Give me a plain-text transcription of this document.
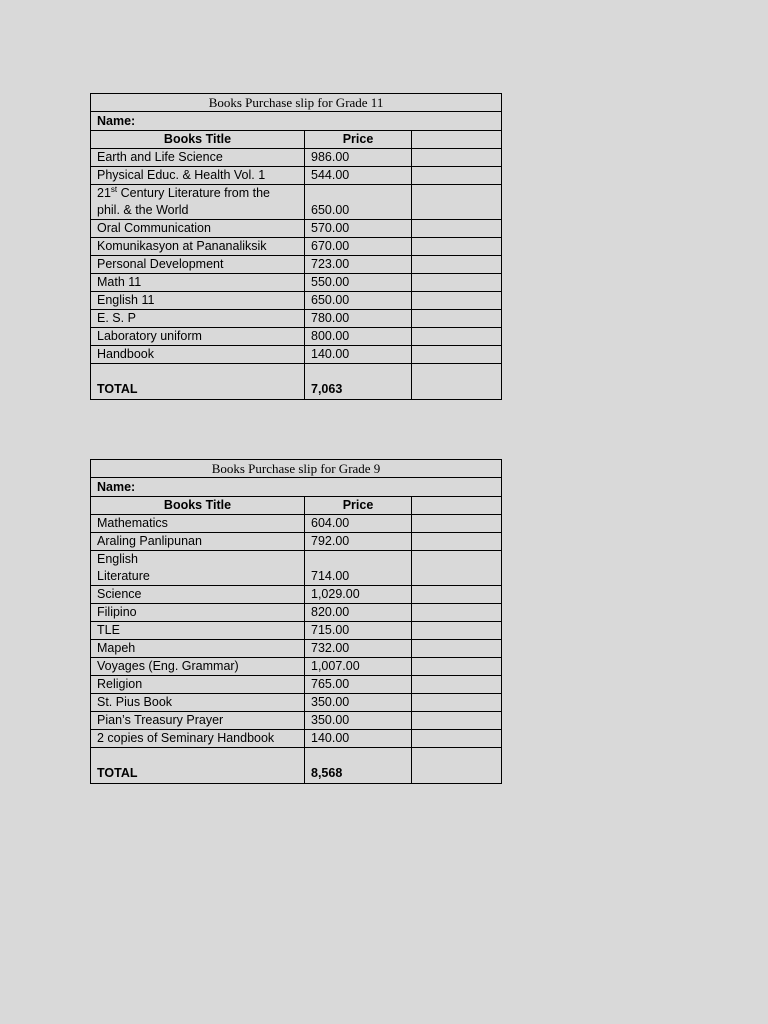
Books Purchase slip for Grade 11		
Name:		
Books Title	Price	
Earth and Life Science	986.00	
Physical Educ. & Health Vol. 1	544.00	

21st Century Literature from the
phil. & the World	650.00	
Oral Communication	570.00	
Komunikasyon at Pananaliksik	670.00	
Personal Development	723.00	
Math 11	550.00	
English 11	650.00	
E. S. P	780.00	
Laboratory uniform	800.00	
Handbook	140.00	
TOTAL	7,063	
Books Purchase slip for Grade 9		
Name:		
Books Title	Price	
Mathematics	604.00	
Araling Panlipunan	792.00	

English
Literature	714.00	
Science	1,029.00	
Filipino	820.00	
TLE	715.00	
Mapeh	732.00	
Voyages (Eng. Grammar)	1,007.00	
Religion	765.00	
St. Pius Book	350.00	
Pian’s Treasury Prayer	350.00	
2 copies of Seminary Handbook	140.00	
TOTAL	8,568	
